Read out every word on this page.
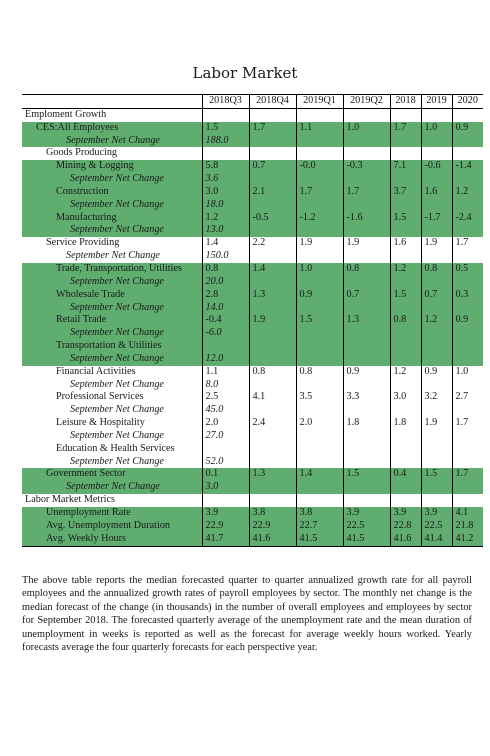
Labor Market
	2018Q3	2018Q4	2019Q1	2019Q2	2018	2019	2020
Emploment Growth							
CES:All Employees	1.5	1.7	1.1	1.0	1.7	1.0	0.9
September Net Change	188.0						
Goods Producing							
Mining & Logging	5.8	0.7	-0.0	-0.3	7.1	-0.6	-1.4
September Net Change	3.6						
Construction	3.0	2.1	1.7	1.7	3.7	1.6	1.2
September Net Change	18.0						
Manufacturing	1.2	-0.5	-1.2	-1.6	1.5	-1.7	-2.4
September Net Change	13.0						
Service Providing	1.4	2.2	1.9	1.9	1.6	1.9	1.7
September Net Change	150.0						
Trade, Transportation, Utilities	0.8	1.4	1.0	0.8	1.2	0.8	0.5
September Net Change	20.0						
Wholesale Trade	2.8	1.3	0.9	0.7	1.5	0.7	0.3
September Net Change	14.0						
Retail Trade	-0.4	1.9	1.5	1.3	0.8	1.2	0.9
September Net Change	-6.0						
Transportation & Utilities							
September Net Change	12.0						
Financial Activities	1.1	0.8	0.8	0.9	1.2	0.9	1.0
September Net Change	8.0						
Professional Services	2.5	4.1	3.5	3.3	3.0	3.2	2.7
September Net Change	45.0						
Leisure & Hospitality	2.0	2.4	2.0	1.8	1.8	1.9	1.7
September Net Change	27.0						
Education & Health Services							
September Net Change	52.0						
Government Sector	0.1	1.3	1.4	1.5	0.4	1.5	1.7
September Net Change	3.0						
Labor Market Metrics							
Unemployment Rate	3.9	3.8	3.8	3.9	3.9	3.9	4.1
Avg. Unemployment Duration	22.9	22.9	22.7	22.5	22.8	22.5	21.8
Avg. Weekly Hours	41.7	41.6	41.5	41.5	41.6	41.4	41.2
The above table reports the median forecasted quarter to quarter annualized growth rate for all payroll employees and the annualized growth rates of payroll employees by sector. The monthly net change is the median forecast of the change (in thousands) in the number of overall employees and employees by sector for September 2018. The forecasted quarterly average of the unemployment rate and the mean duration of unemployment in weeks is reported as well as the forecast for average weekly hours worked. Yearly forecasts average the four quarterly forecasts for each perspective year.
